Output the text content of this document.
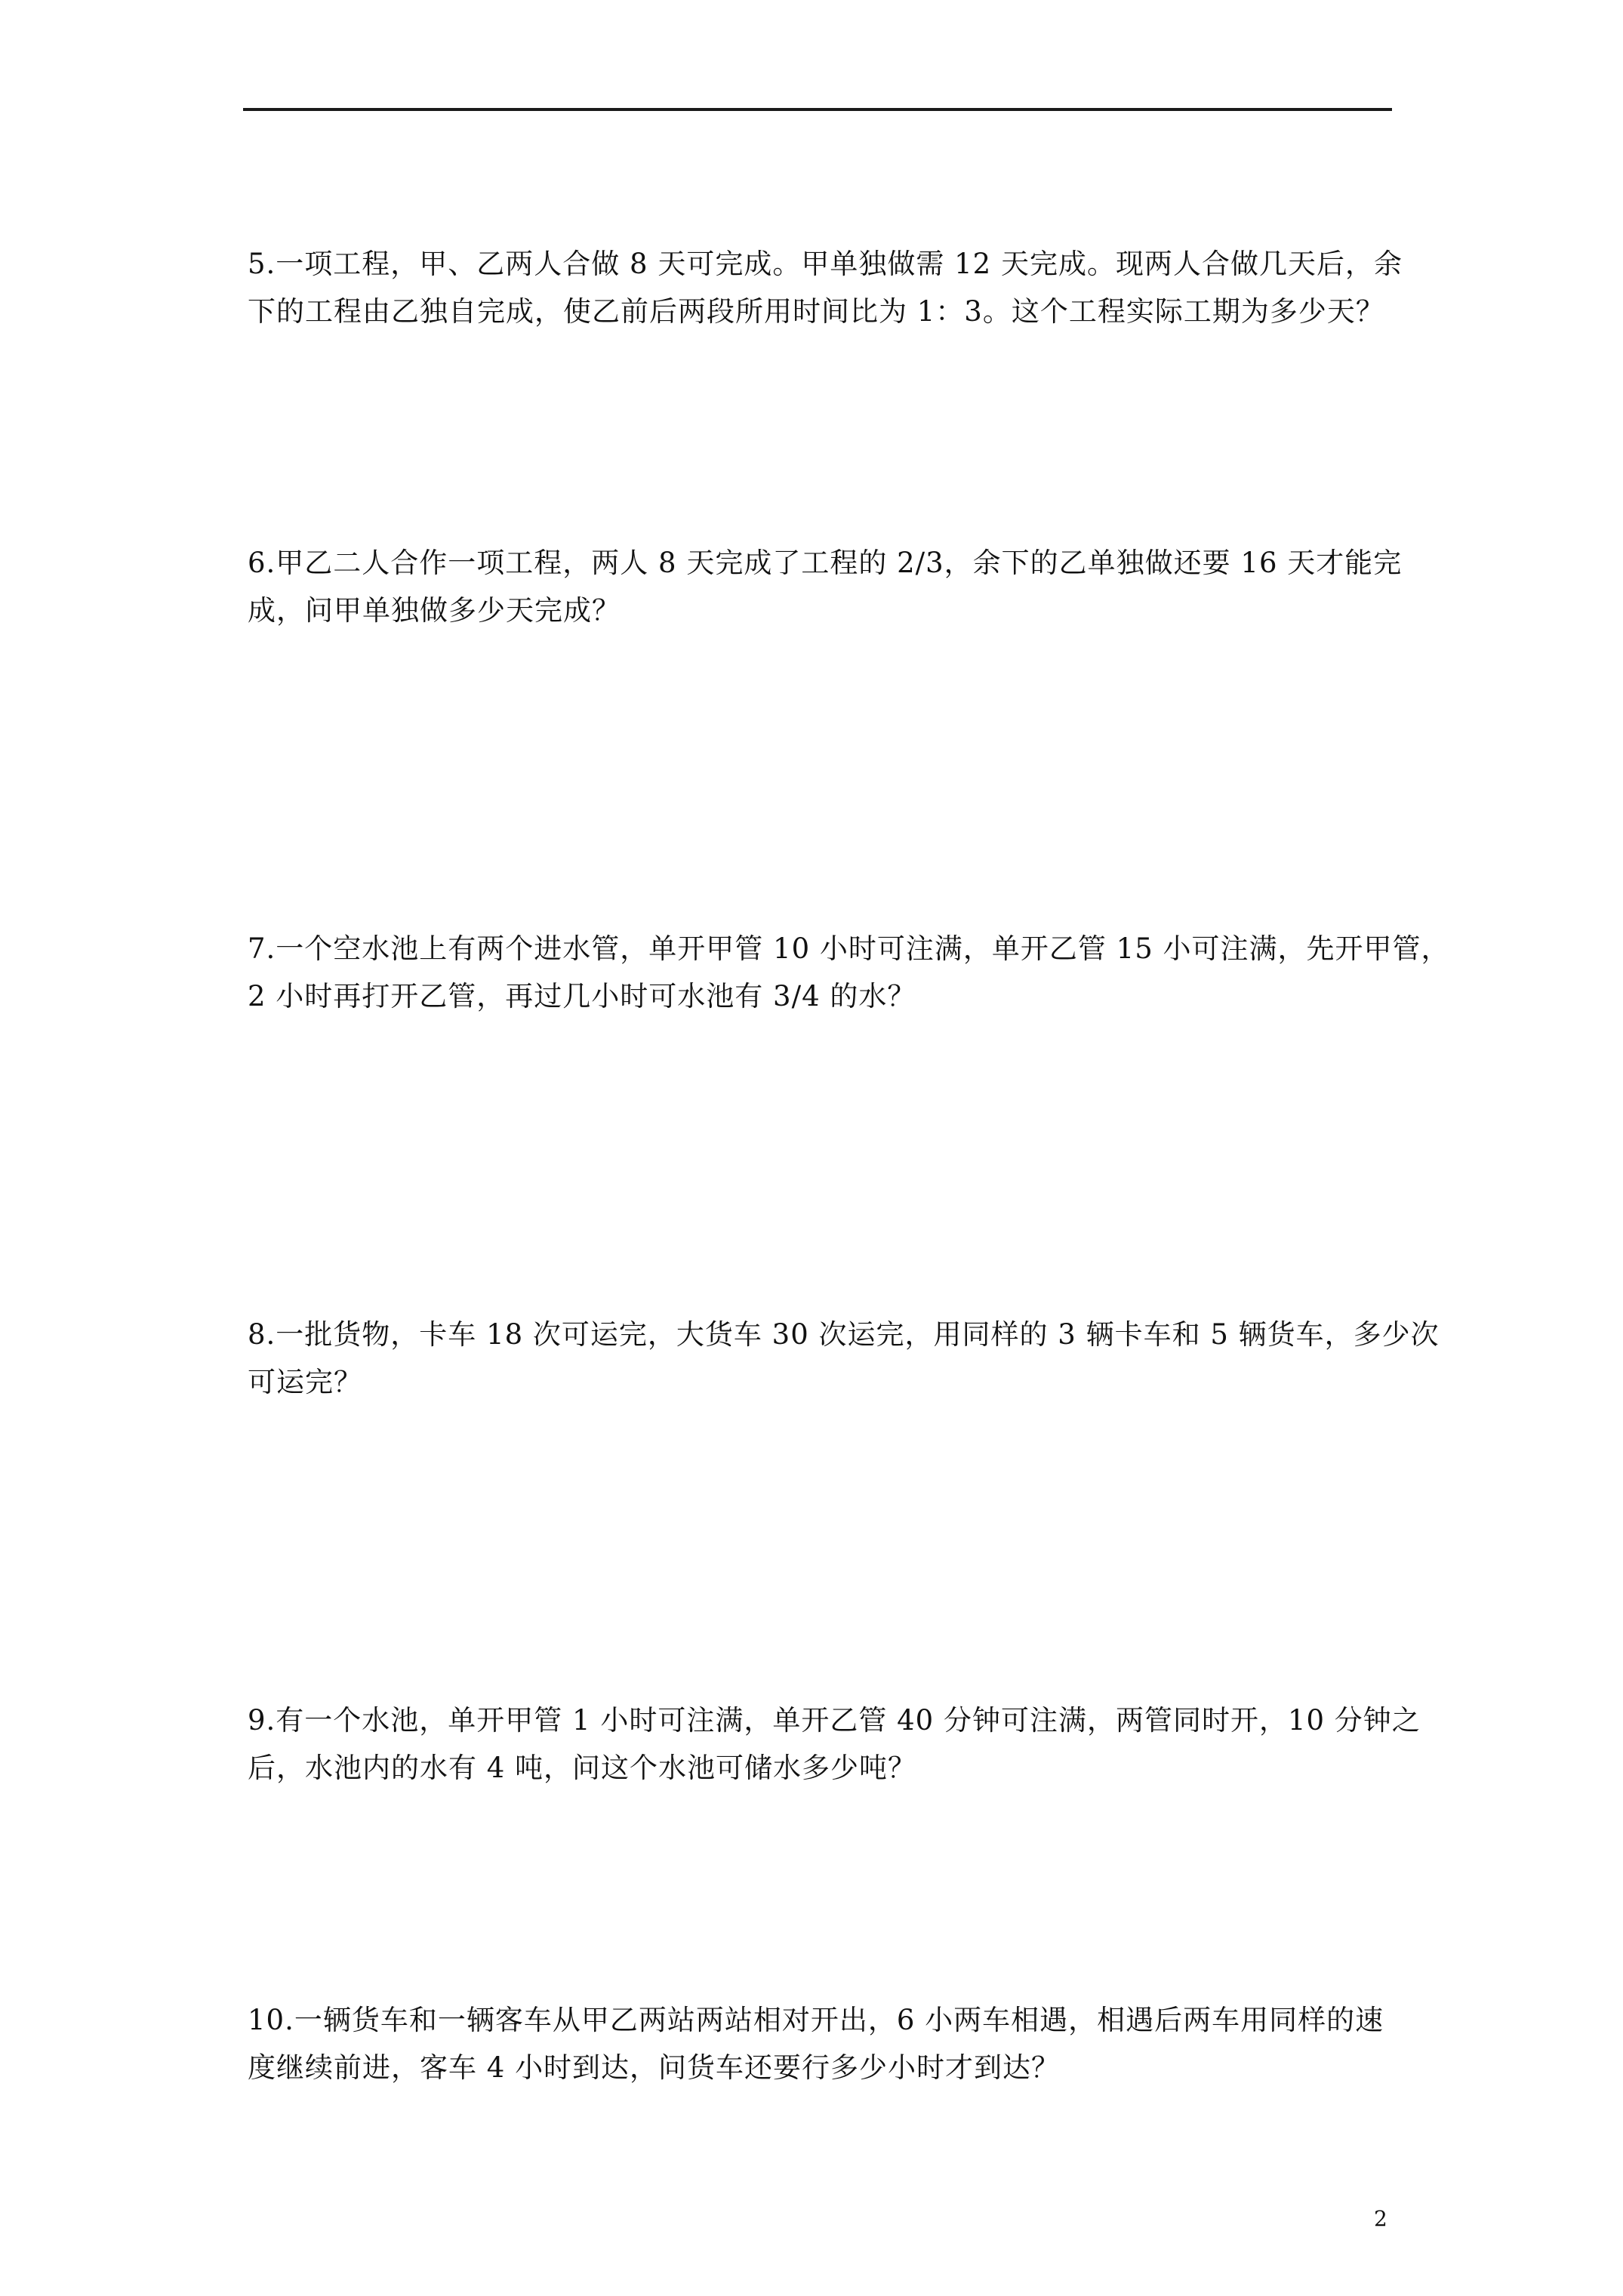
5.一项工程，甲、乙两人合做 8 天可完成。甲单独做需 12 天完成。现两人合做几天后，余
下的工程由乙独自完成，使乙前后两段所用时间比为 1：3。这个工程实际工期为多少天？
6.甲乙二人合作一项工程，两人 8 天完成了工程的 2/3，余下的乙单独做还要 16 天才能完
成，问甲单独做多少天完成？
7.一个空水池上有两个进水管，单开甲管 10 小时可注满，单开乙管 15 小可注满，先开甲管，
2 小时再打开乙管，再过几小时可水池有 3/4 的水？
8.一批货物，卡车 18 次可运完，大货车 30 次运完，用同样的 3 辆卡车和 5 辆货车，多少次
可运完？
9.有一个水池，单开甲管 1 小时可注满，单开乙管 40 分钟可注满，两管同时开，10 分钟之
后，水池内的水有 4 吨，问这个水池可储水多少吨？
10.一辆货车和一辆客车从甲乙两站两站相对开出，6 小两车相遇，相遇后两车用同样的速
度继续前进，客车 4 小时到达，问货车还要行多少小时才到达？
2
